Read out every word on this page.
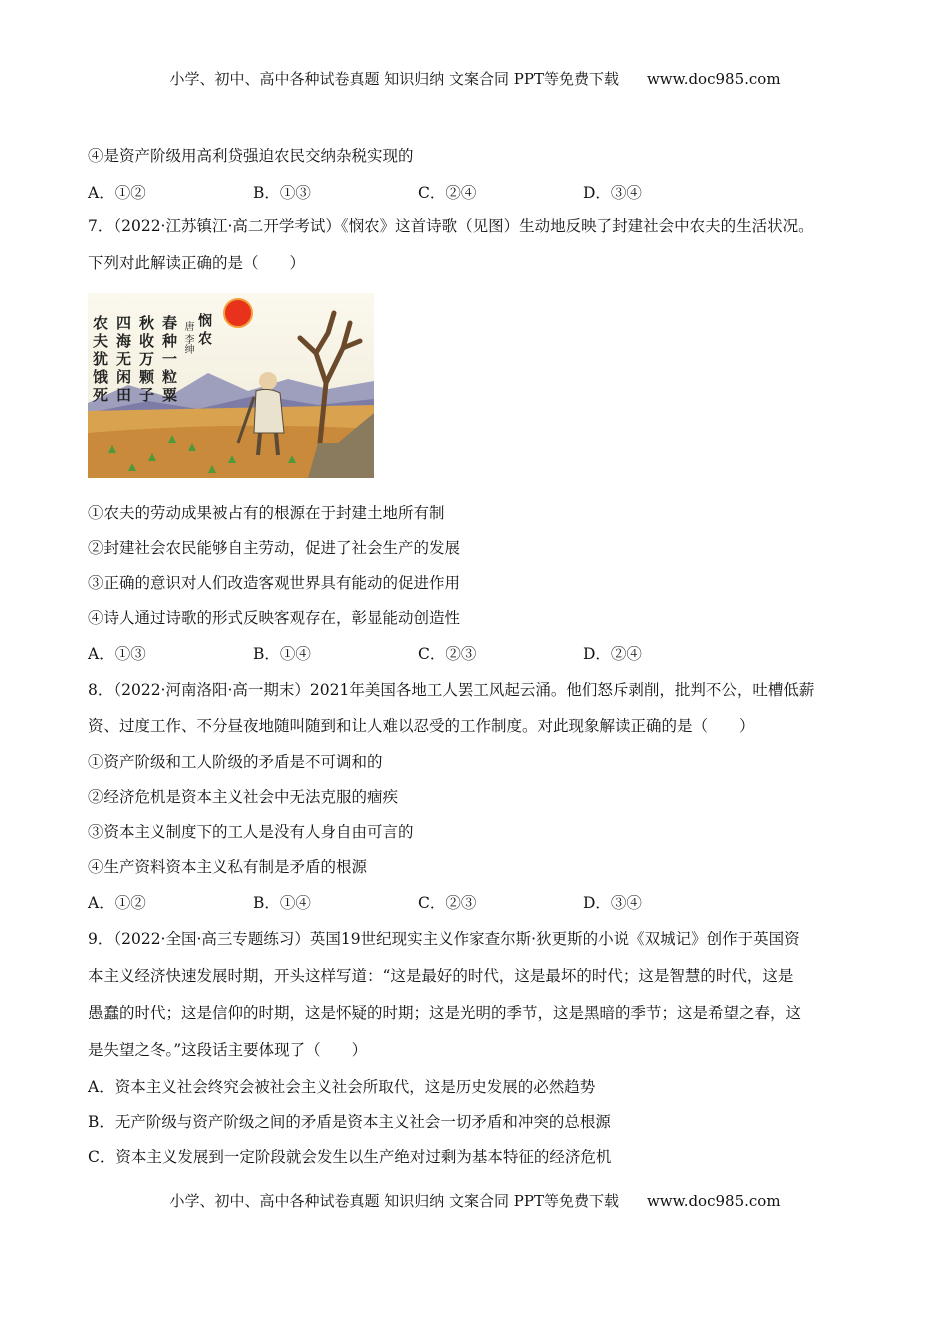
小学、初中、高中各种试卷真题 知识归纳 文案合同 PPT等免费下载 www.doc985.com
④是资产阶级用高利贷强迫农民交纳杂税实现的
A．①②	B．①③	C．②④	D．③④
7．（2022·江苏镇江·高二开学考试）《悯农》这首诗歌（见图）生动地反映了封建社会中农夫的生活状况。
下列对此解读正确的是（　　）
①农夫的劳动成果被占有的根源在于封建土地所有制
②封建社会农民能够自主劳动，促进了社会生产的发展
③正确的意识对人们改造客观世界具有能动的促进作用
④诗人通过诗歌的形式反映客观存在，彰显能动创造性
A．①③	B．①④	C．②③	D．②④
8．（2022·河南洛阳·高一期末）2021年美国各地工人罢工风起云涌。他们怒斥剥削，批判不公，吐槽低薪
资、过度工作、不分昼夜地随叫随到和让人难以忍受的工作制度。对此现象解读正确的是（　　）
①资产阶级和工人阶级的矛盾是不可调和的
②经济危机是资本主义社会中无法克服的痼疾
③资本主义制度下的工人是没有人身自由可言的
④生产资料资本主义私有制是矛盾的根源
A．①②	B．①④	C．②③	D．③④
9．（2022·全国·高三专题练习）英国19世纪现实主义作家查尔斯·狄更斯的小说《双城记》创作于英国资
本主义经济快速发展时期，开头这样写道：“这是最好的时代，这是最坏的时代；这是智慧的时代，这是
愚蠢的时代；这是信仰的时期，这是怀疑的时期；这是光明的季节，这是黑暗的季节；这是希望之春，这
是失望之冬。”这段话主要体现了（　　）
A．资本主义社会终究会被社会主义社会所取代，这是历史发展的必然趋势
B．无产阶级与资产阶级之间的矛盾是资本主义社会一切矛盾和冲突的总根源
C．资本主义发展到一定阶段就会发生以生产绝对过剩为基本特征的经济危机
春种一粒粟
秋收万颗子
四海无闲田
农夫犹饿死	唐 李绅 悯农
小学、初中、高中各种试卷真题 知识归纳 文案合同 PPT等免费下载 www.doc985.com
